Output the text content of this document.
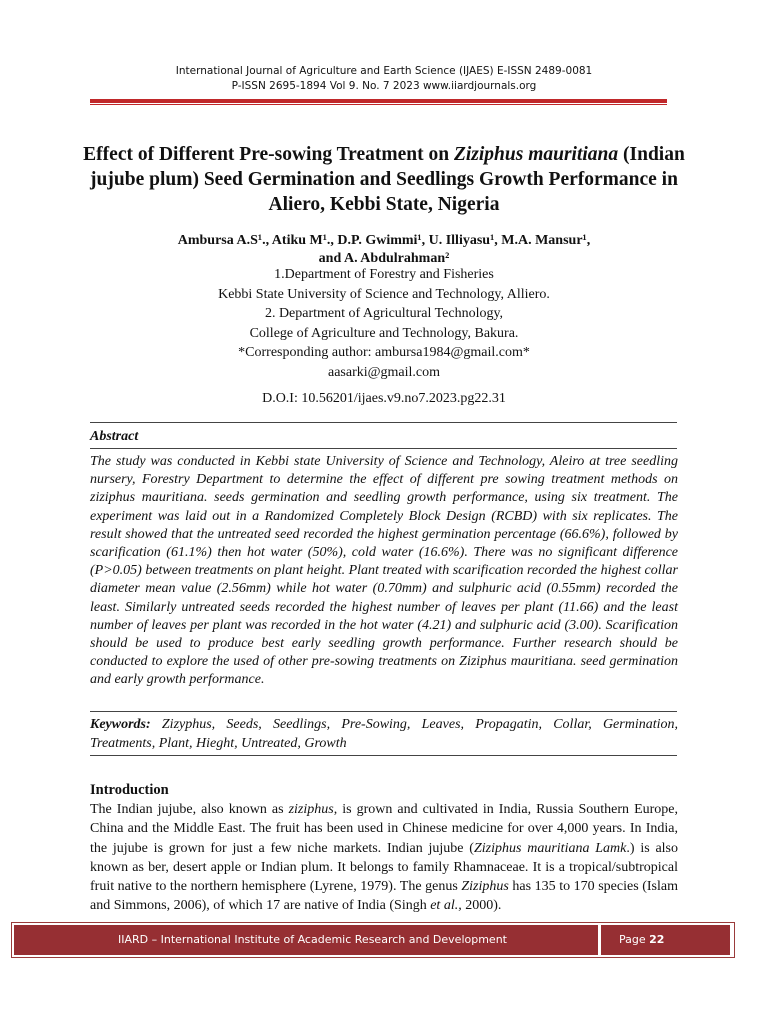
International Journal of Agriculture and Earth Science (IJAES) E-ISSN 2489-0081
P-ISSN 2695-1894 Vol 9. No. 7 2023 www.iiardjournals.org
Effect of Different Pre-sowing Treatment on Ziziphus mauritiana (Indian jujube plum) Seed Germination and Seedlings Growth Performance in Aliero, Kebbi State, Nigeria
Ambursa A.S¹., Atiku M¹., D.P. Gwimmi¹, U. Illiyasu¹, M.A. Mansur¹,
and A. Abdulrahman²
1.Department of Forestry and Fisheries
Kebbi State University of Science and Technology, Alliero.
2. Department of Agricultural Technology,
College of Agriculture and Technology, Bakura.
*Corresponding author: ambursa1984@gmail.com*
aasarki@gmail.com
D.O.I: 10.56201/ijaes.v9.no7.2023.pg22.31
Abstract
The study was conducted in Kebbi state University of Science and Technology, Aleiro at tree seedling nursery, Forestry Department to determine the effect of different pre sowing treatment methods on ziziphus mauritiana. seeds germination and seedling growth performance, using six treatment. The experiment was laid out in a Randomized Completely Block Design (RCBD) with six replicates. The result showed that the untreated seed recorded the highest germination percentage (66.6%), followed by scarification (61.1%) then hot water (50%), cold water (16.6%). There was no significant difference (P>0.05) between treatments on plant height. Plant treated with scarification recorded the highest collar diameter mean value (2.56mm) while hot water (0.70mm) and sulphuric acid (0.55mm) recorded the least. Similarly untreated seeds recorded the highest number of leaves per plant (11.66) and the least number of leaves per plant was recorded in the hot water (4.21) and sulphuric acid (3.00). Scarification should be used to produce best early seedling growth performance. Further research should be conducted to explore the used of other pre-sowing treatments on Ziziphus mauritiana. seed germination and early growth performance.
Keywords: Zizyphus, Seeds, Seedlings, Pre-Sowing, Leaves, Propagatin, Collar, Germination, Treatments, Plant, Hieght, Untreated, Growth
Introduction
The Indian jujube, also known as ziziphus, is grown and cultivated in India, Russia Southern Europe, China and the Middle East. The fruit has been used in Chinese medicine for over 4,000 years. In India, the jujube is grown for just a few niche markets. Indian jujube (Ziziphus mauritiana Lamk.) is also known as ber, desert apple or Indian plum. It belongs to family Rhamnaceae. It is a tropical/subtropical fruit native to the northern hemisphere (Lyrene, 1979). The genus Ziziphus has 135 to 170 species (Islam and Simmons, 2006), of which 17 are native of India (Singh et al., 2000).
IIARD – International Institute of Academic Research and Development	Page 22
